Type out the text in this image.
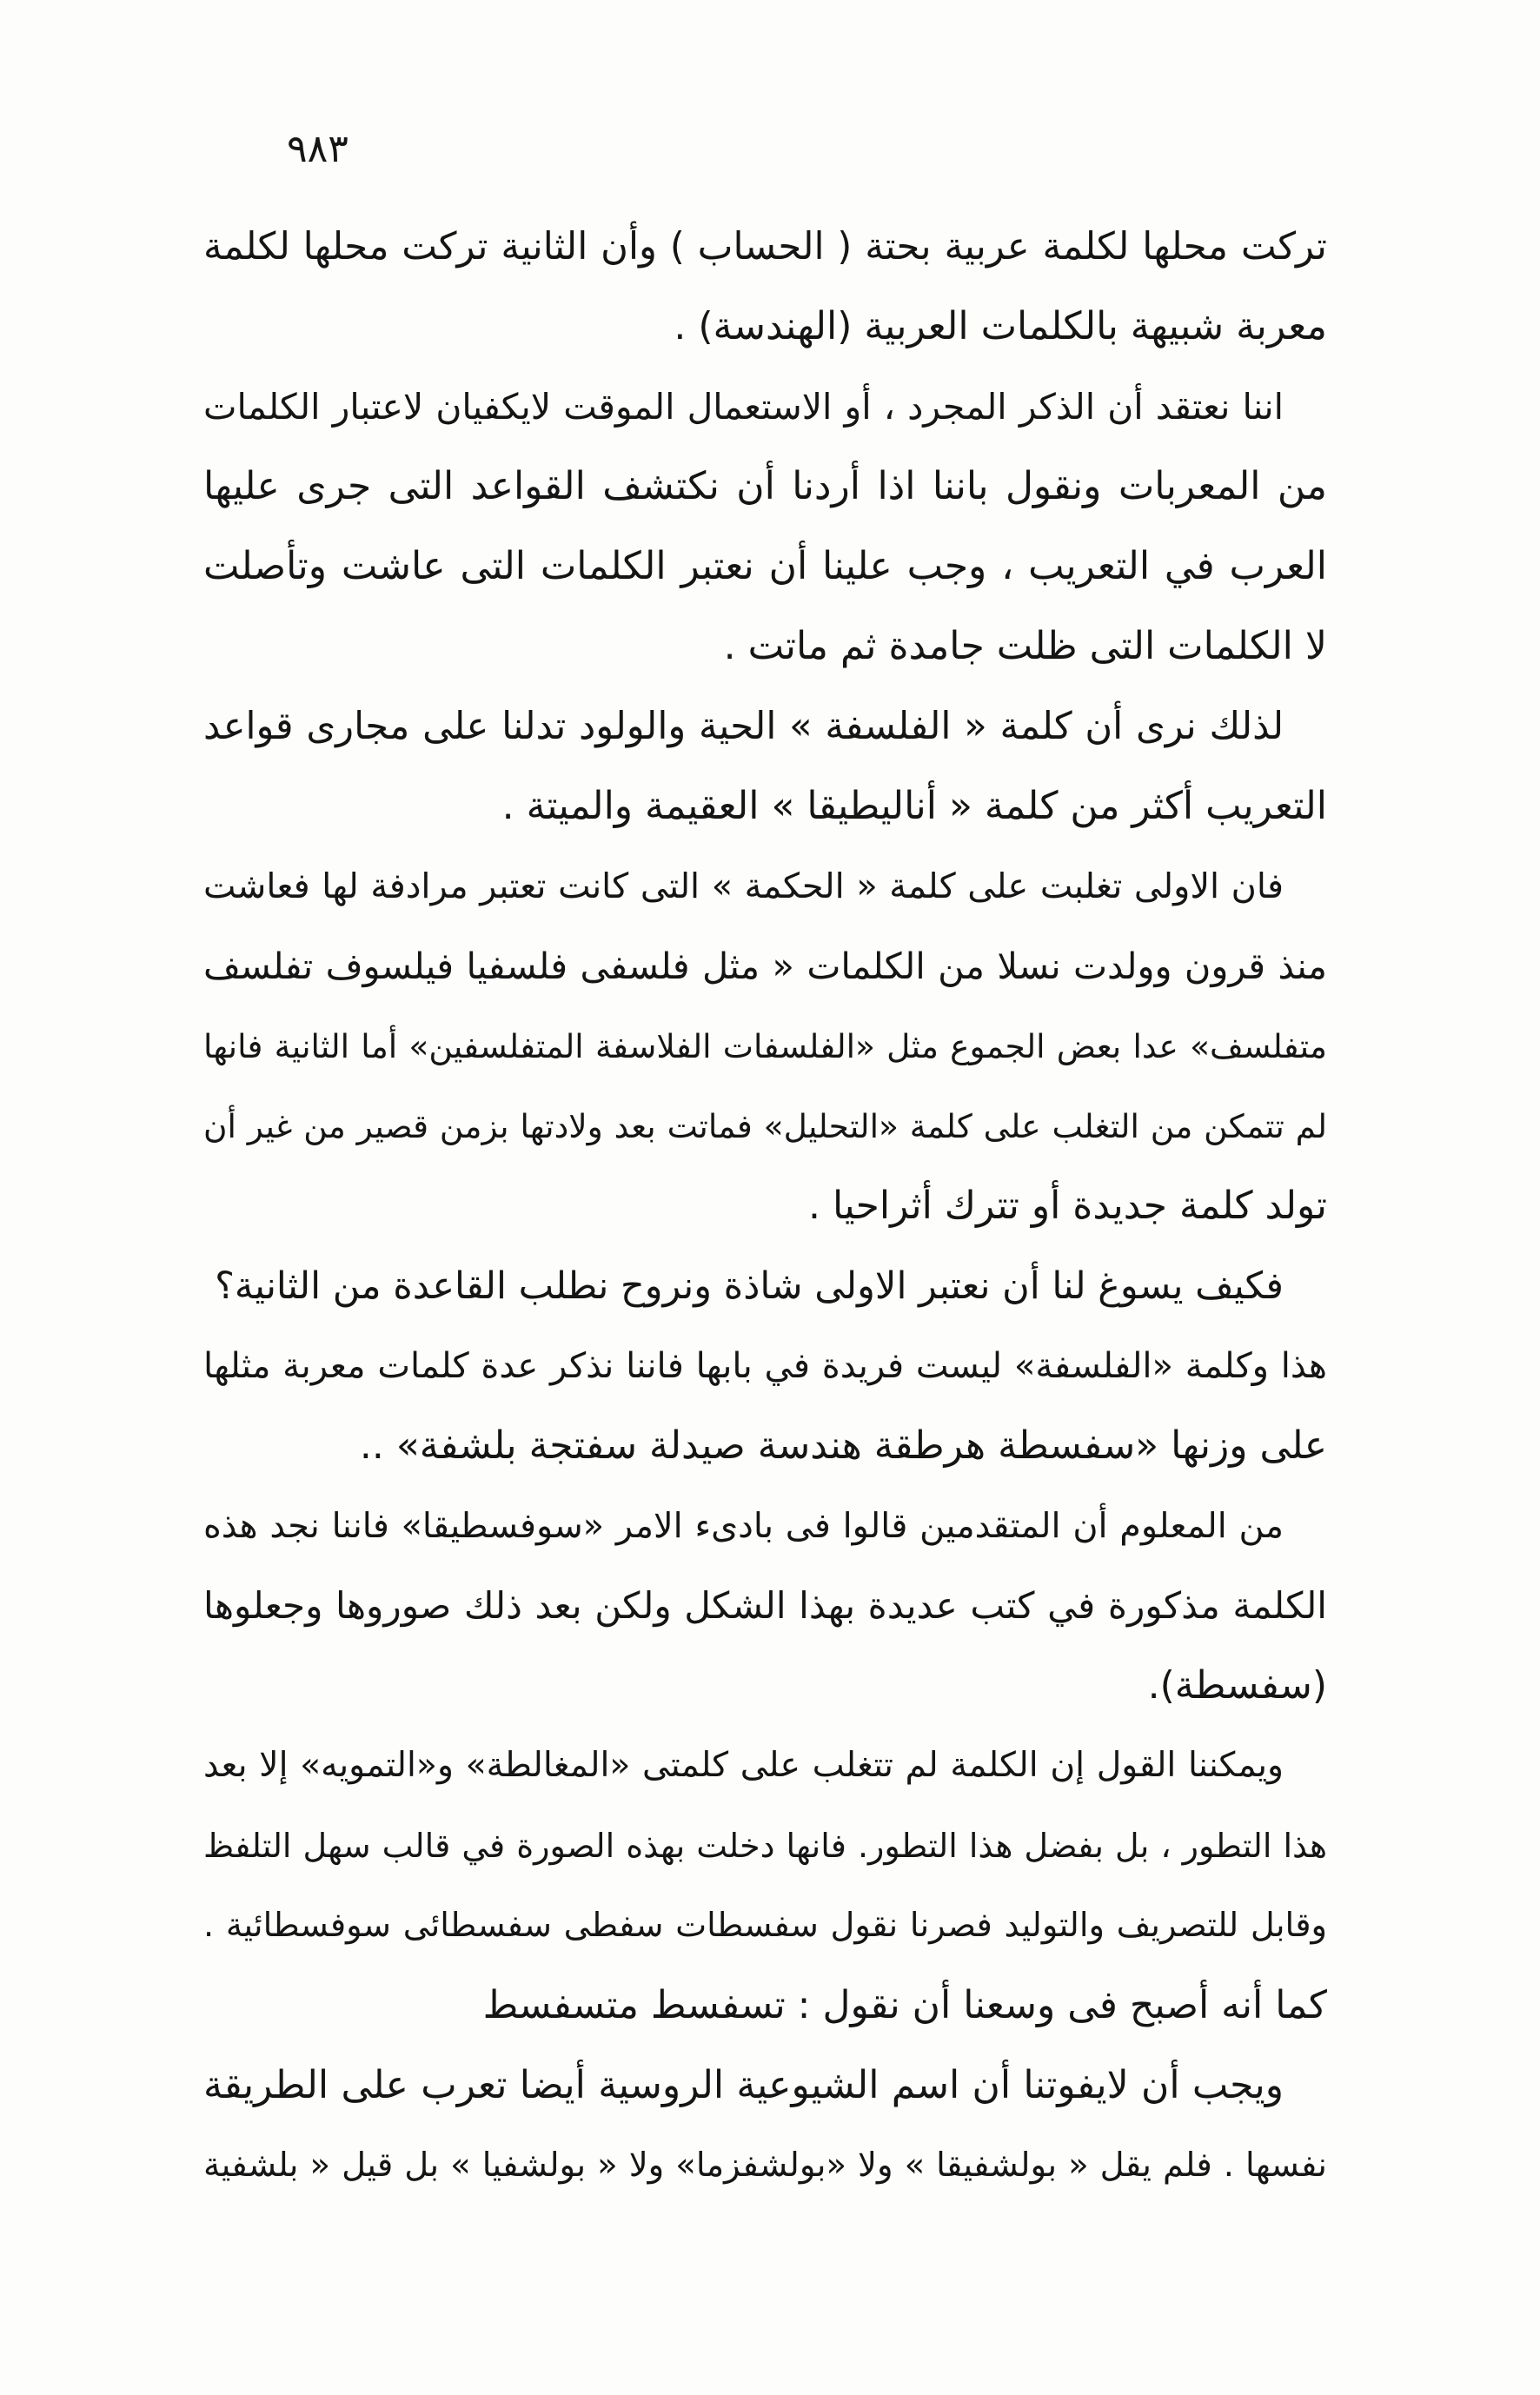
٩٨٣
تركت محلها لكلمة عربية بحتة ( الحساب ) وأن الثانية تركت محلها لكلمة
معربة شبيهة بالكلمات العربية (الهندسة) .
اننا نعتقد أن الذكر المجرد ، أو الاستعمال الموقت لايكفيان لاعتبار الكلمات
من المعربات ونقول باننا اذا أردنا أن نكتشف القواعد التى جرى عليها
العرب في التعريب ، وجب علينا أن نعتبر الكلمات التى عاشت وتأصلت
لا الكلمات التى ظلت جامدة ثم ماتت .
لذلك نرى أن كلمة « الفلسفة » الحية والولود تدلنا على مجارى قواعد
التعريب أكثر من كلمة « أناليطيقا » العقيمة والميتة .
فان الاولى تغلبت على كلمة « الحكمة » التى كانت تعتبر مرادفة لها فعاشت
منذ قرون وولدت نسلا من الكلمات « مثل فلسفى فلسفيا فيلسوف تفلسف
متفلسف» عدا بعض الجموع مثل «الفلسفات الفلاسفة المتفلسفين» أما الثانية فانها
لم تتمكن من التغلب على كلمة «التحليل» فماتت بعد ولادتها بزمن قصير من غير أن
تولد كلمة جديدة أو تترك أثراحيا .
فكيف يسوغ لنا أن نعتبر الاولى شاذة ونروح نطلب القاعدة من الثانية؟
هذا وكلمة «الفلسفة» ليست فريدة في بابها فاننا نذكر عدة كلمات معربة مثلها
على وزنها «سفسطة هرطقة هندسة صيدلة سفتجة بلشفة» ..
من المعلوم أن المتقدمين قالوا فى بادىء الامر «سوفسطيقا» فاننا نجد هذه
الكلمة مذكورة في كتب عديدة بهذا الشكل ولكن بعد ذلك صوروها وجعلوها
(سفسطة).
ويمكننا القول إن الكلمة لم تتغلب على كلمتى «المغالطة» و«التمويه» إلا بعد
هذا التطور ، بل بفضل هذا التطور. فانها دخلت بهذه الصورة في قالب سهل التلفظ
وقابل للتصريف والتوليد فصرنا نقول سفسطات سفطى سفسطائى سوفسطائية .
كما أنه أصبح فى وسعنا أن نقول : تسفسط متسفسط
ويجب أن لايفوتنا أن اسم الشيوعية الروسية أيضا تعرب على الطريقة
نفسها . فلم يقل « بولشفيقا » ولا «بولشفزما» ولا « بولشفيا » بل قيل « بلشفية
